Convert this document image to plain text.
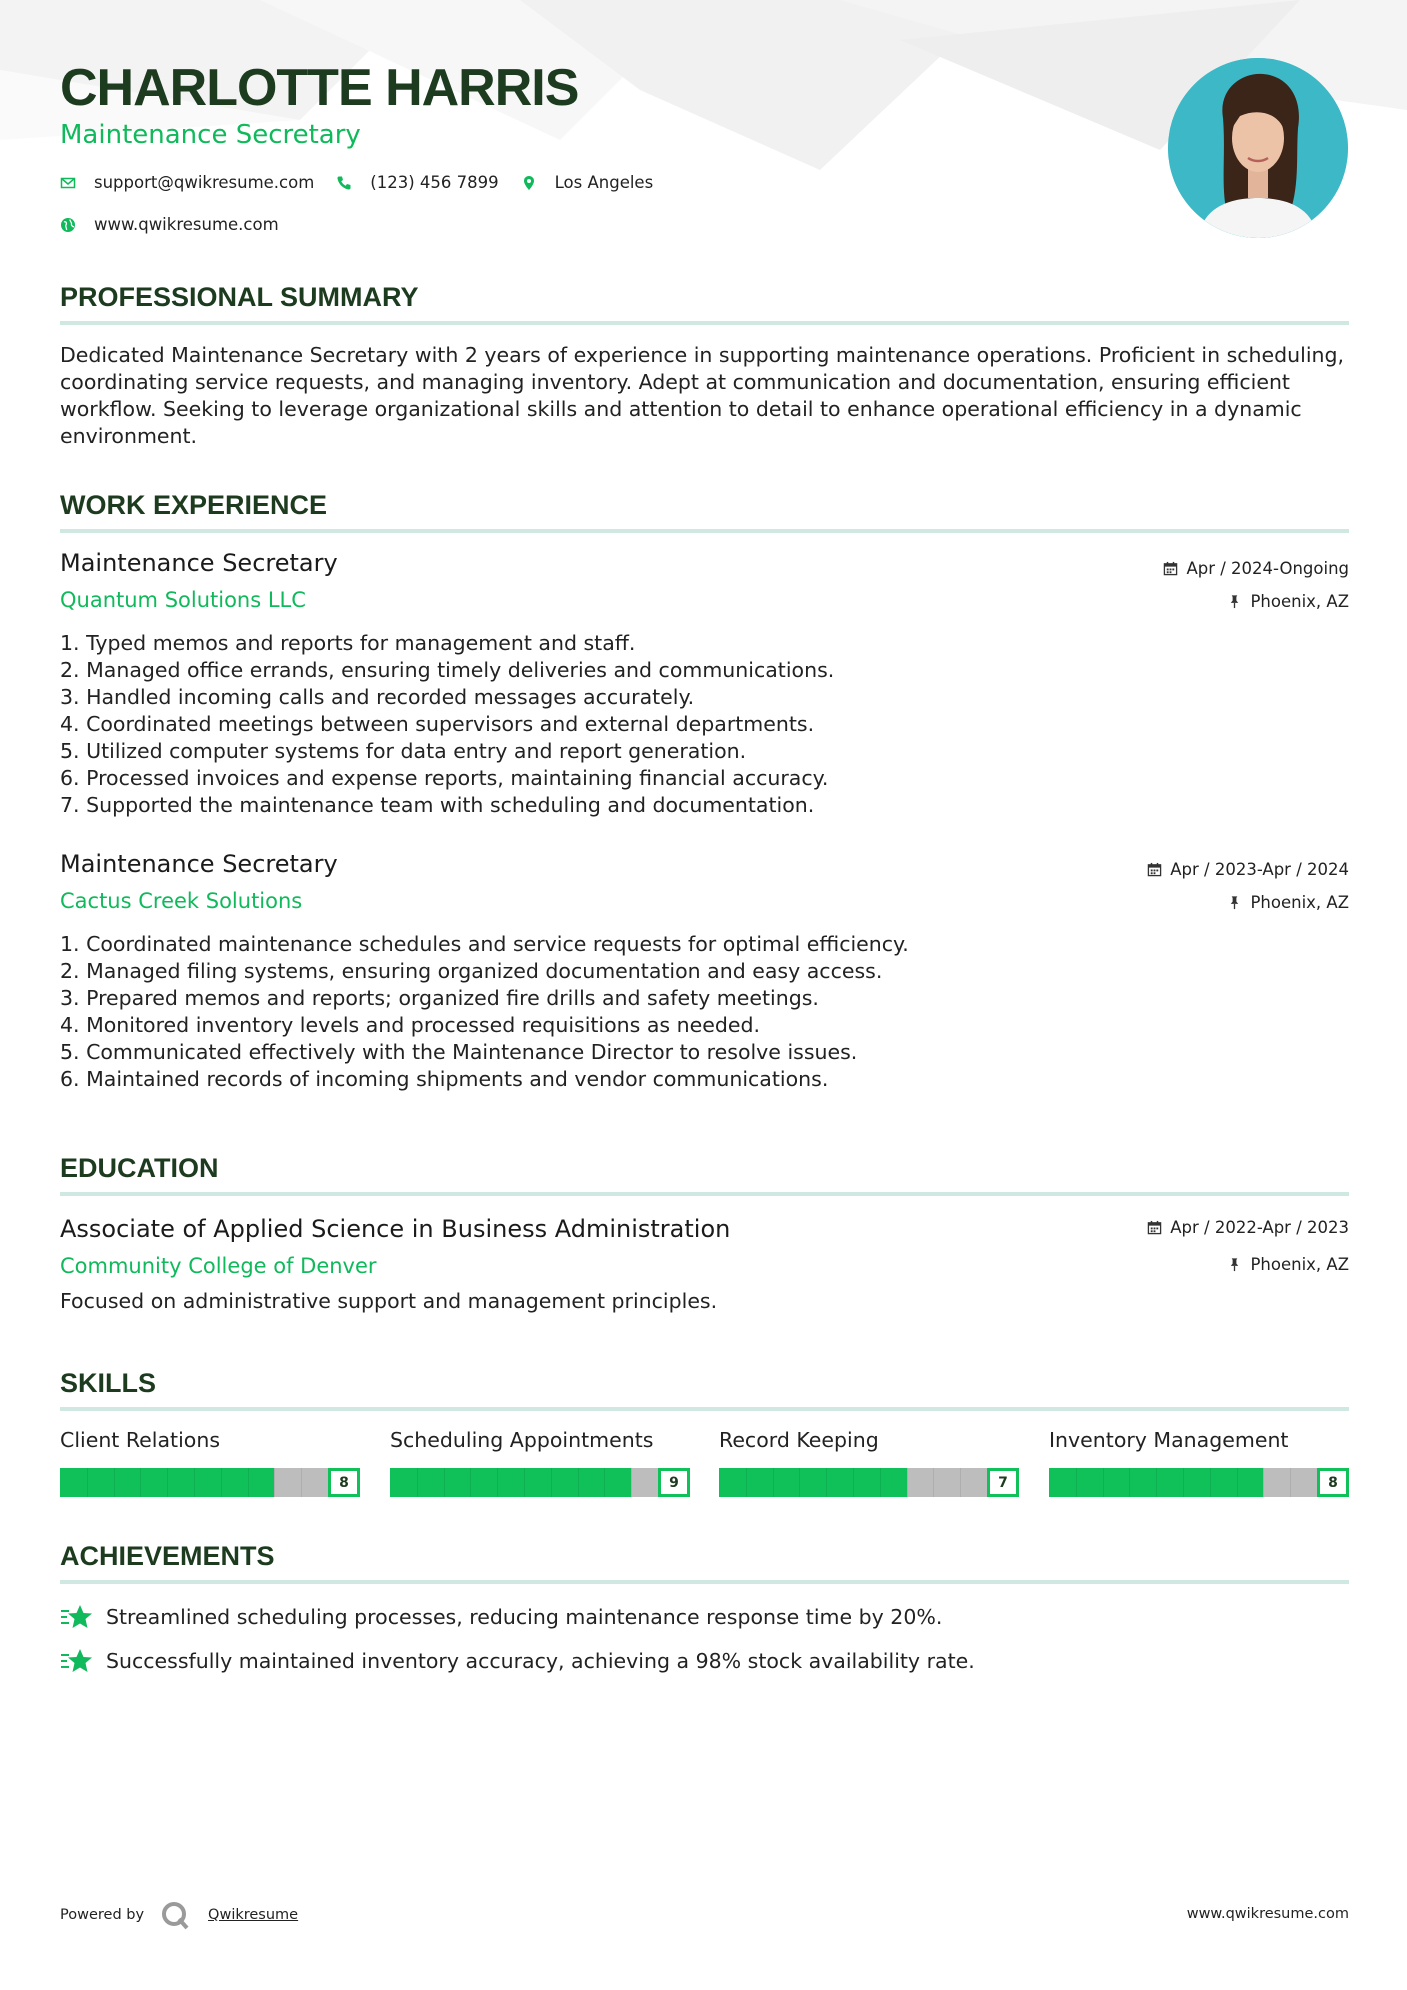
CHARLOTTE HARRIS
Maintenance Secretary
support@qwikresume.com	(123) 456 7899	Los Angeles
www.qwikresume.com
PROFESSIONAL SUMMARY
Dedicated Maintenance Secretary with 2 years of experience in supporting maintenance operations. Proficient in scheduling, coordinating service requests, and managing inventory. Adept at communication and documentation, ensuring efficient workflow. Seeking to leverage organizational skills and attention to detail to enhance operational efficiency in a dynamic environment.
WORK EXPERIENCE
Maintenance Secretary
Quantum Solutions LLC
Apr / 2024-Ongoing
Phoenix, AZ
1. Typed memos and reports for management and staff.
2. Managed office errands, ensuring timely deliveries and communications.
3. Handled incoming calls and recorded messages accurately.
4. Coordinated meetings between supervisors and external departments.
5. Utilized computer systems for data entry and report generation.
6. Processed invoices and expense reports, maintaining financial accuracy.
7. Supported the maintenance team with scheduling and documentation.
Maintenance Secretary
Cactus Creek Solutions
Apr / 2023-Apr / 2024
Phoenix, AZ
1. Coordinated maintenance schedules and service requests for optimal efficiency.
2. Managed filing systems, ensuring organized documentation and easy access.
3. Prepared memos and reports; organized fire drills and safety meetings.
4. Monitored inventory levels and processed requisitions as needed.
5. Communicated effectively with the Maintenance Director to resolve issues.
6. Maintained records of incoming shipments and vendor communications.
EDUCATION
Associate of Applied Science in Business Administration
Community College of Denver
Apr / 2022-Apr / 2023
Phoenix, AZ
Focused on administrative support and management principles.
SKILLS
Client Relations
8
Scheduling Appointments
9
Record Keeping
7
Inventory Management
8
ACHIEVEMENTS
Streamlined scheduling processes, reducing maintenance response time by 20%.
Successfully maintained inventory accuracy, achieving a 98% stock availability rate.
Powered by	Qwikresume	www.qwikresume.com
